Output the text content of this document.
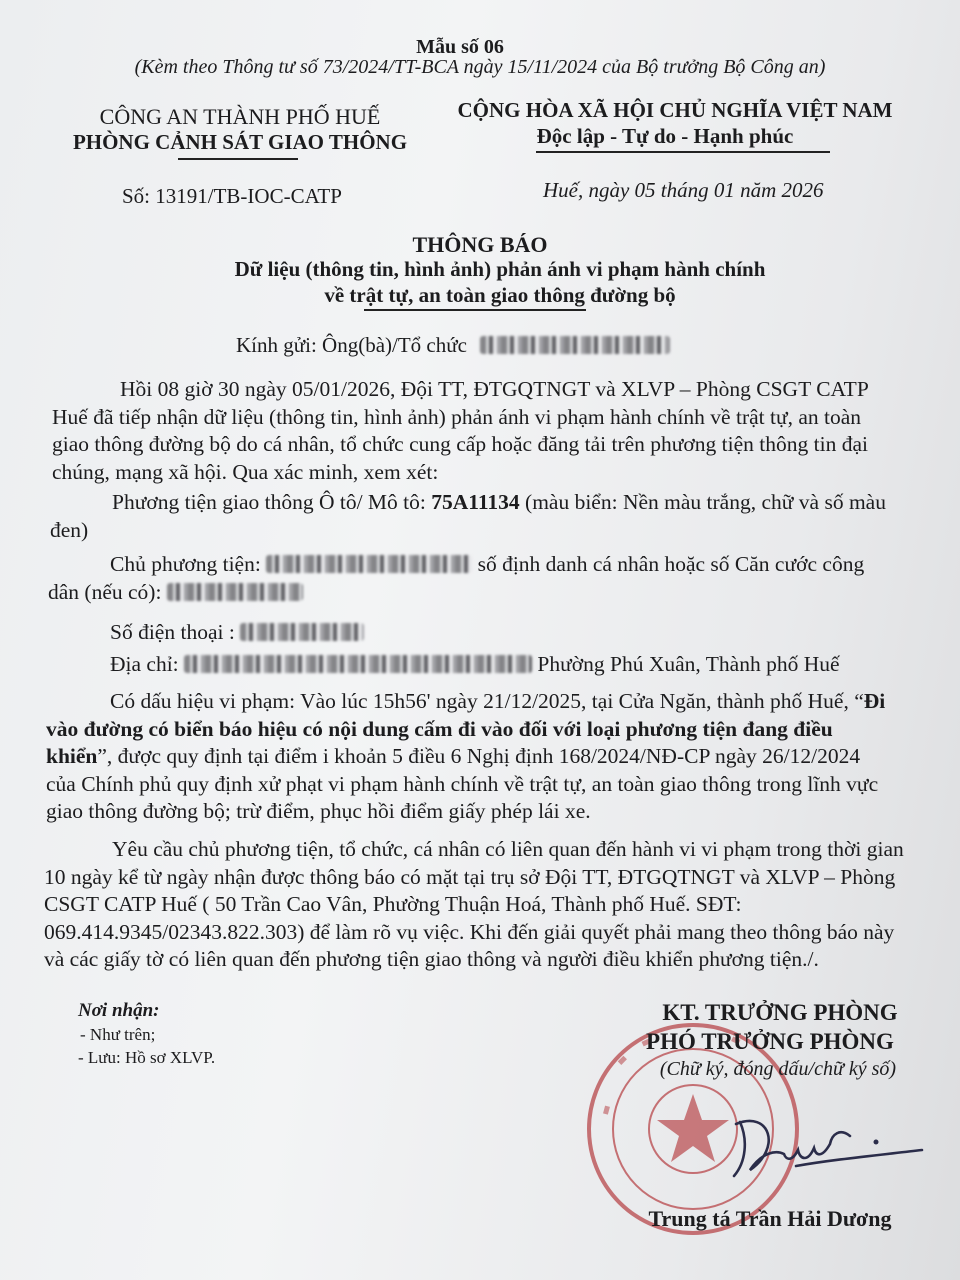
Mẫu số 06
(Kèm theo Thông tư số 73/2024/TT-BCA ngày 15/11/2024 của Bộ trưởng Bộ Công an)
CÔNG AN THÀNH PHỐ HUẾ
PHÒNG CẢNH SÁT GIAO THÔNG
CỘNG HÒA XÃ HỘI CHỦ NGHĨA VIỆT NAM
Độc lập - Tự do - Hạnh phúc
Số: 13191/TB-IOC-CATP	Huế, ngày 05 tháng 01 năm 2026
THÔNG BÁO
Dữ liệu (thông tin, hình ảnh) phản ánh vi phạm hành chính
về trật tự, an toàn giao thông đường bộ
Kính gửi: Ông(bà)/Tổ chức
Hồi 08 giờ 30 ngày 05/01/2026, Đội TT, ĐTGQTNGT và XLVP – Phòng CSGT CATP Huế đã tiếp nhận dữ liệu (thông tin, hình ảnh) phản ánh vi phạm hành chính về trật tự, an toàn giao thông đường bộ do cá nhân, tổ chức cung cấp hoặc đăng tải trên phương tiện thông tin đại chúng, mạng xã hội. Qua xác minh, xem xét:
Phương tiện giao thông Ô tô/ Mô tô: 75A11134 (màu biển: Nền màu trắng, chữ và số màu đen)
Chủ phương tiện:	số định danh cá nhân hoặc số Căn cước công dân (nếu có):
Số điện thoại :
Địa chỉ:	Phường Phú Xuân, Thành phố Huế
Có dấu hiệu vi phạm: Vào lúc 15h56' ngày 21/12/2025, tại Cửa Ngăn, thành phố Huế, “Đi vào đường có biển báo hiệu có nội dung cấm đi vào đối với loại phương tiện đang điều khiển”, được quy định tại điểm i khoản 5 điều 6 Nghị định 168/2024/NĐ-CP ngày 26/12/2024 của Chính phủ quy định xử phạt vi phạm hành chính về trật tự, an toàn giao thông trong lĩnh vực giao thông đường bộ; trừ điểm, phục hồi điểm giấy phép lái xe.
Yêu cầu chủ phương tiện, tổ chức, cá nhân có liên quan đến hành vi vi phạm trong thời gian 10 ngày kể từ ngày nhận được thông báo có mặt tại trụ sở Đội TT, ĐTGQTNGT và XLVP – Phòng CSGT CATP Huế ( 50 Trần Cao Vân, Phường Thuận Hoá, Thành phố Huế. SĐT: 069.414.9345/02343.822.303) để làm rõ vụ việc. Khi đến giải quyết phải mang theo thông báo này và các giấy tờ có liên quan đến phương tiện giao thông và người điều khiển phương tiện./.
Nơi nhận:
- Như trên;
- Lưu: Hồ sơ XLVP.
KT. TRƯỞNG PHÒNG
PHÓ TRƯỞNG PHÒNG
(Chữ ký, đóng dấu/chữ ký số)
Trung tá Trần Hải Dương
